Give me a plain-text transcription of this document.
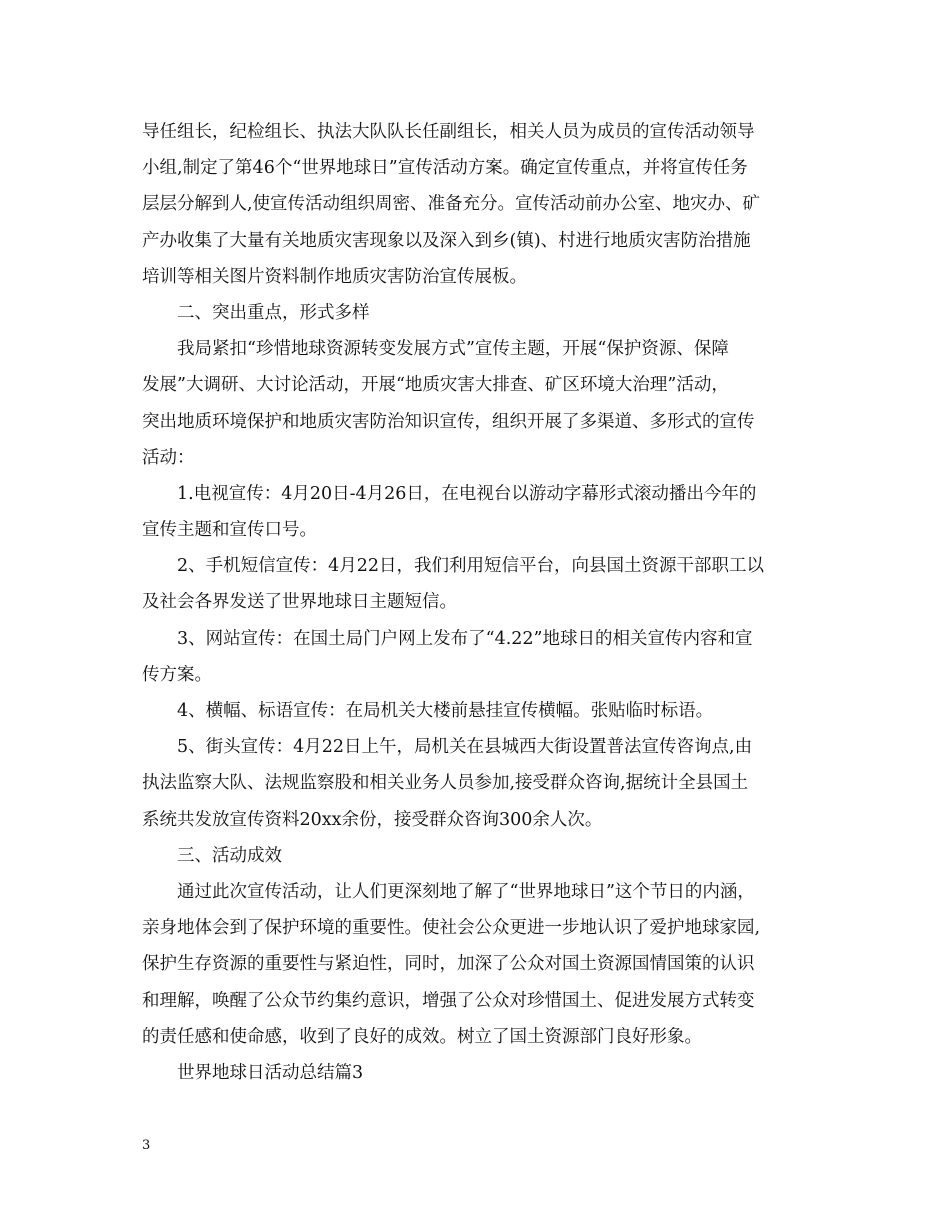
导任组长，纪检组长、执法大队队长任副组长，相关人员为成员的宣传活动领导
小组,制定了第46个“世界地球日”宣传活动方案。确定宣传重点，并将宣传任务
层层分解到人,使宣传活动组织周密、准备充分。宣传活动前办公室、地灾办、矿
产办收集了大量有关地质灾害现象以及深入到乡(镇)、村进行地质灾害防治措施
培训等相关图片资料制作地质灾害防治宣传展板。
二、突出重点，形式多样
我局紧扣“珍惜地球资源转变发展方式”宣传主题，开展“保护资源、保障
发展”大调研、大讨论活动，开展“地质灾害大排查、矿区环境大治理”活动，
突出地质环境保护和地质灾害防治知识宣传，组织开展了多渠道、多形式的宣传
活动：
1.电视宣传：4月20日-4月26日，在电视台以游动字幕形式滚动播出今年的
宣传主题和宣传口号。
2、手机短信宣传：4月22日，我们利用短信平台，向县国土资源干部职工以
及社会各界发送了世界地球日主题短信。
3、网站宣传：在国土局门户网上发布了“4.22”地球日的相关宣传内容和宣
传方案。
4、横幅、标语宣传：在局机关大楼前悬挂宣传横幅。张贴临时标语。
5、街头宣传：4月22日上午，局机关在县城西大街设置普法宣传咨询点,由
执法监察大队、法规监察股和相关业务人员参加,接受群众咨询,据统计全县国土
系统共发放宣传资料20xx余份，接受群众咨询300余人次。
三、活动成效
通过此次宣传活动，让人们更深刻地了解了“世界地球日”这个节日的内涵，
亲身地体会到了保护环境的重要性。使社会公众更进一步地认识了爱护地球家园,
保护生存资源的重要性与紧迫性，同时，加深了公众对国土资源国情国策的认识
和理解，唤醒了公众节约集约意识，增强了公众对珍惜国土、促进发展方式转变
的责任感和使命感，收到了良好的成效。树立了国土资源部门良好形象。
世界地球日活动总结篇3
3
